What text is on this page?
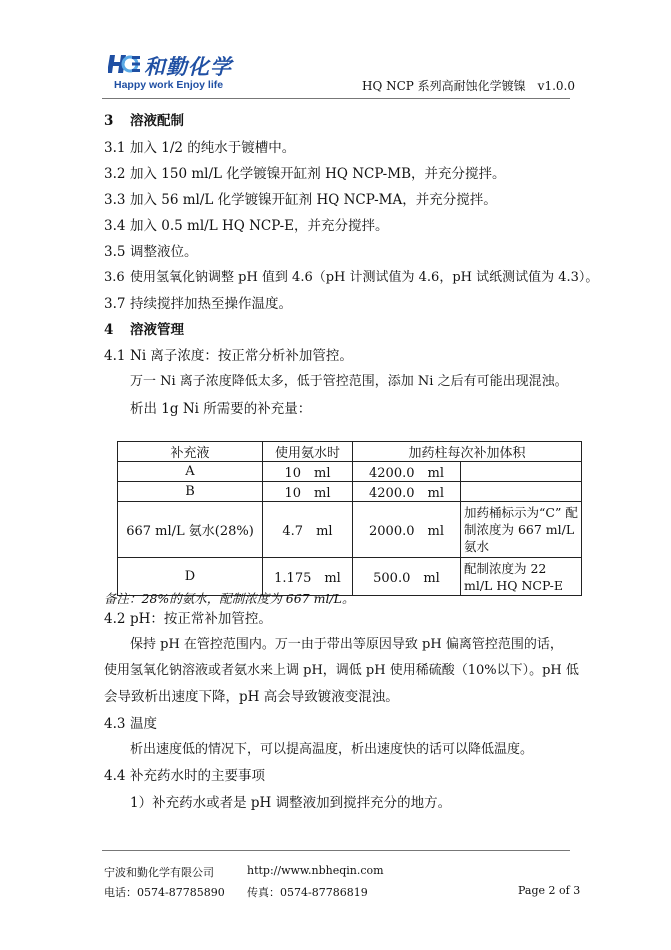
和勤化学
Happy work Enjoy life	HQ NCP 系列高耐蚀化学镀镍　v1.0.0
3 溶液配制
3.1 加入 1/2 的纯水于镀槽中。
3.2 加入 150 ml/L 化学镀镍开缸剂 HQ NCP-MB，并充分搅拌。
3.3 加入 56 ml/L 化学镀镍开缸剂 HQ NCP-MA，并充分搅拌。
3.4 加入 0.5 ml/L HQ NCP-E，并充分搅拌。
3.5 调整液位。
3.6 使用氢氧化钠调整 pH 值到 4.6（pH 计测试值为 4.6，pH 试纸测试值为 4.3）。
3.7 持续搅拌加热至操作温度。
4 溶液管理
4.1 Ni 离子浓度：按正常分析补加管控。
万一 Ni 离子浓度降低太多，低于管控范围，添加 Ni 之后有可能出现混浊。
析出 1g Ni 所需要的补充量：
补充液	使用氨水时	加药柱每次补加体积	
A	10　ml	4200.0　ml	
B	10　ml	4200.0　ml	
667 ml/L 氨水(28%)	4.7　ml	2000.0　ml	加药桶标示为“C” 配制浓度为 667 ml/L 氨水
D	1.175　ml	500.0　ml	配制浓度为 22 ml/L HQ NCP-E
备注：28%的氨水，配制浓度为 667 ml/L。
4.2 pH：按正常补加管控。
保持 pH 在管控范围内。万一由于带出等原因导致 pH 偏离管控范围的话，
使用氢氧化钠溶液或者氨水来上调 pH，调低 pH 使用稀硫酸（10%以下）。pH 低
会导致析出速度下降，pH 高会导致镀液变混浊。
4.3 温度
析出速度低的情况下，可以提高温度，析出速度快的话可以降低温度。
4.4 补充药水时的主要事项
1）补充药水或者是 pH 调整液加到搅拌充分的地方。
宁波和勤化学有限公司	http://www.nbheqin.com
电话：0574-87785890 传真：0574-87786819	Page 2 of 3
